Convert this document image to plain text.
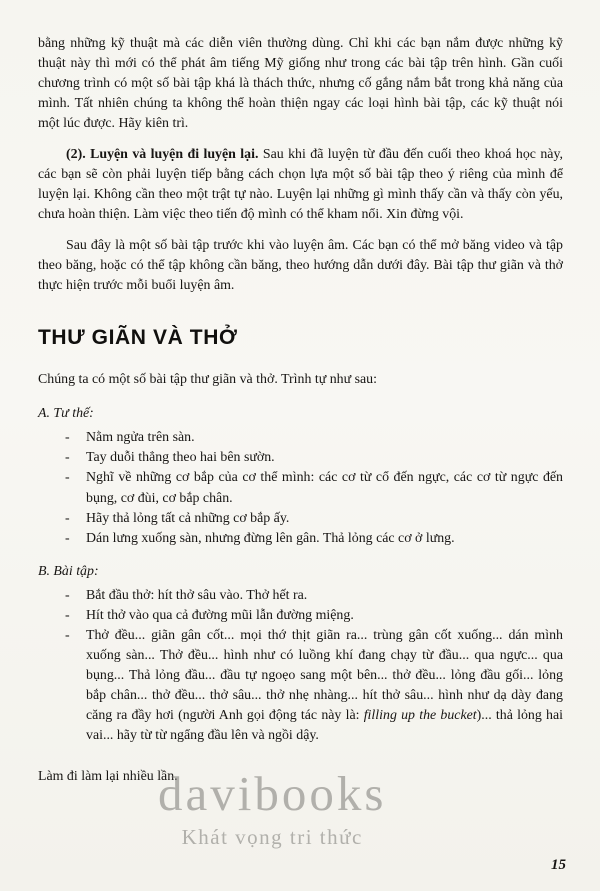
bằng những kỹ thuật mà các diễn viên thường dùng. Chỉ khi các bạn nắm được những kỹ thuật này thì mới có thể phát âm tiếng Mỹ giống như trong các bài tập trên hình. Gần cuối chương trình có một số bài tập khá là thách thức, nhưng cố gắng nắm bắt trong khả năng của mình. Tất nhiên chúng ta không thể hoàn thiện ngay các loại hình bài tập, các kỹ thuật nói một lúc được. Hãy kiên trì.

(2). Luyện và luyện đi luyện lại. Sau khi đã luyện từ đầu đến cuối theo khoá học này, các bạn sẽ còn phải luyện tiếp bằng cách chọn lựa một số bài tập theo ý riêng của mình để luyện lại. Không cần theo một trật tự nào. Luyện lại những gì mình thấy cần và thấy còn yếu, chưa hoàn thiện. Làm việc theo tiến độ mình có thể kham nổi. Xin đừng vội.

Sau đây là một số bài tập trước khi vào luyện âm. Các bạn có thể mở băng video và tập theo băng, hoặc có thể tập không cần băng, theo hướng dẫn dưới đây. Bài tập thư giãn và thở thực hiện trước mỗi buổi luyện âm.

THƯ GIÃN VÀ THỞ

Chúng ta có một số bài tập thư giãn và thở. Trình tự như sau:

A. Tư thế:

-	Nằm ngửa trên sàn.
-	Tay duỗi thẳng theo hai bên sườn.
-	Nghĩ về những cơ bắp của cơ thể mình: các cơ từ cổ đến ngực, các cơ từ ngực đến bụng, cơ đùi, cơ bắp chân.
-	Hãy thả lỏng tất cả những cơ bắp ấy.
-	Dán lưng xuống sàn, nhưng đừng lên gân. Thả lỏng các cơ ở lưng.

B. Bài tập:

-	Bắt đầu thở: hít thở sâu vào. Thở hết ra.
-	Hít thở vào qua cả đường mũi lẫn đường miệng.
-	Thở đều... giãn gân cốt... mọi thớ thịt giãn ra... trùng gân cốt xuống... dán mình xuống sàn... Thở đều... hình như có luồng khí đang chạy từ đầu... qua ngực... qua bụng... Thả lỏng đầu... đầu tự ngoẹo sang một bên... thở đều... lỏng đầu gối... lỏng bắp chân... thở đều... thở sâu... thở nhẹ nhàng... hít thở sâu... hình như dạ dày đang căng ra đầy hơi (người Anh gọi động tác này là: filling up the bucket)... thả lỏng hai vai... hãy từ từ ngẩng đầu lên và ngồi dậy.

Làm đi làm lại nhiều lần.

davibooks
Khát vọng tri thức
15
